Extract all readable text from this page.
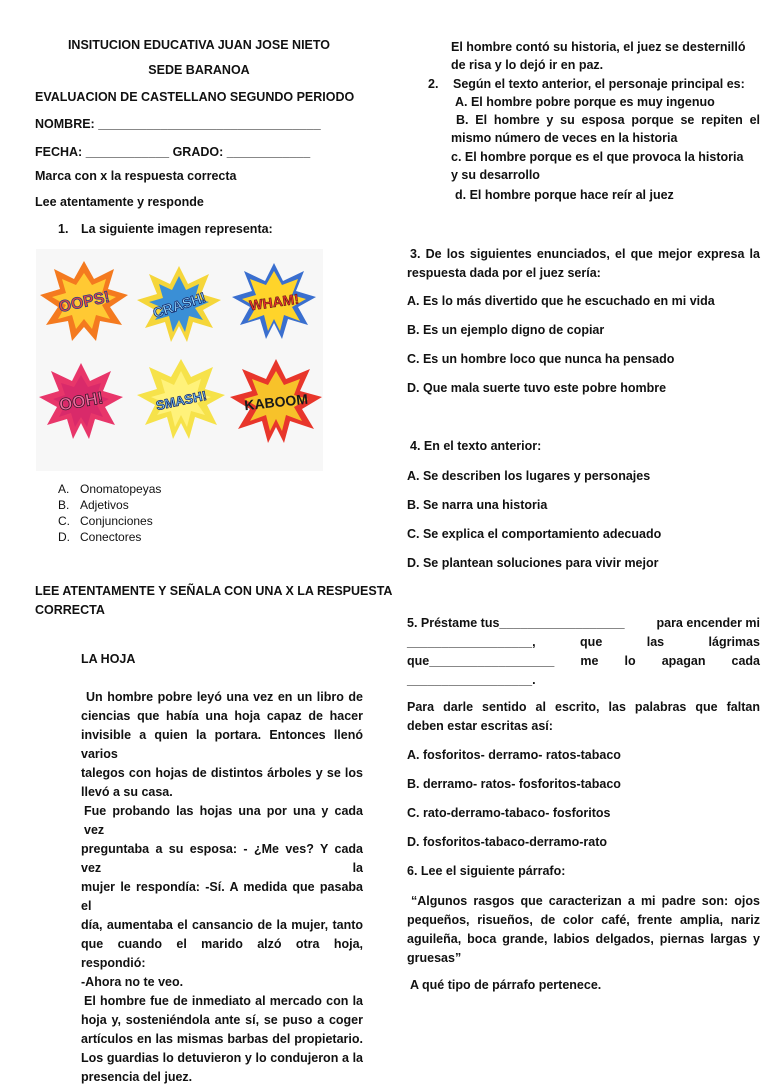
INSITUCION EDUCATIVA JUAN JOSE NIETO
SEDE BARANOA
EVALUACION DE CASTELLANO SEGUNDO PERIODO
NOMBRE: ________________________________
FECHA: ____________ GRADO: ____________
Marca con x la respuesta correcta
Lee atentamente y responde
1. La siguiente imagen representa:
OOPS!	CRASH!	WHAM!
OOH!	SMASH!	KABOOM
A. Onomatopeyas
B. Adjetivos
C. Conjunciones
D. Conectores
LEE ATENTAMENTE Y SEÑALA CON UNA X LA RESPUESTA
CORRECTA
LA HOJA
Un hombre pobre leyó una vez en un libro de
ciencias que había una hoja capaz de hacer
invisible a quien la portara. Entonces llenó varios
talegos con hojas de distintos árboles y se los
llevó a su casa.
Fue probando las hojas una por una y cada vez
preguntaba a su esposa: - ¿Me ves? Y cada vez la
mujer le respondía: -Sí. A medida que pasaba el
día, aumentaba el cansancio de la mujer, tanto
que cuando el marido alzó otra hoja, respondió:
-Ahora no te veo.
El hombre fue de inmediato al mercado con la
hoja y, sosteniéndola ante sí, se puso a coger
artículos en las mismas barbas del propietario.
Los guardias lo detuvieron y lo condujeron a la
presencia del juez.
El hombre contó su historia, el juez se desternilló
de risa y lo dejó ir en paz.
2. Según el texto anterior, el personaje principal es:
A. El hombre pobre porque es muy ingenuo
B. El hombre y su esposa porque se repiten el
mismo número de veces en la historia
c. El hombre porque es el que provoca la historia
y su desarrollo
d. El hombre porque hace reír al juez
3. De los siguientes enunciados, el que mejor expresa la
respuesta dada por el juez sería:
A. Es lo más divertido que he escuchado en mi vida
B. Es un ejemplo digno de copiar
C. Es un hombre loco que nunca ha pensado
D. Que mala suerte tuvo este pobre hombre
4. En el texto anterior:
A. Se describen los lugares y personajes
B. Se narra una historia
C. Se explica el comportamiento adecuado
D. Se plantean soluciones para vivir mejor
5. Préstame tus__________________	para encender mi
__________________,	que	las	lágrimas
que__________________ me lo apagan cada
__________________.
Para darle sentido al escrito, las palabras que faltan
deben estar escritas así:
A. fosforitos- derramo- ratos-tabaco
B. derramo- ratos- fosforitos-tabaco
C. rato-derramo-tabaco- fosforitos
D. fosforitos-tabaco-derramo-rato
6. Lee el siguiente párrafo:
“Algunos rasgos que caracterizan a mi padre son: ojos
pequeños, risueños, de color café, frente amplia, nariz
aguileña, boca grande, labios delgados, piernas largas y
gruesas”
A qué tipo de párrafo pertenece.
